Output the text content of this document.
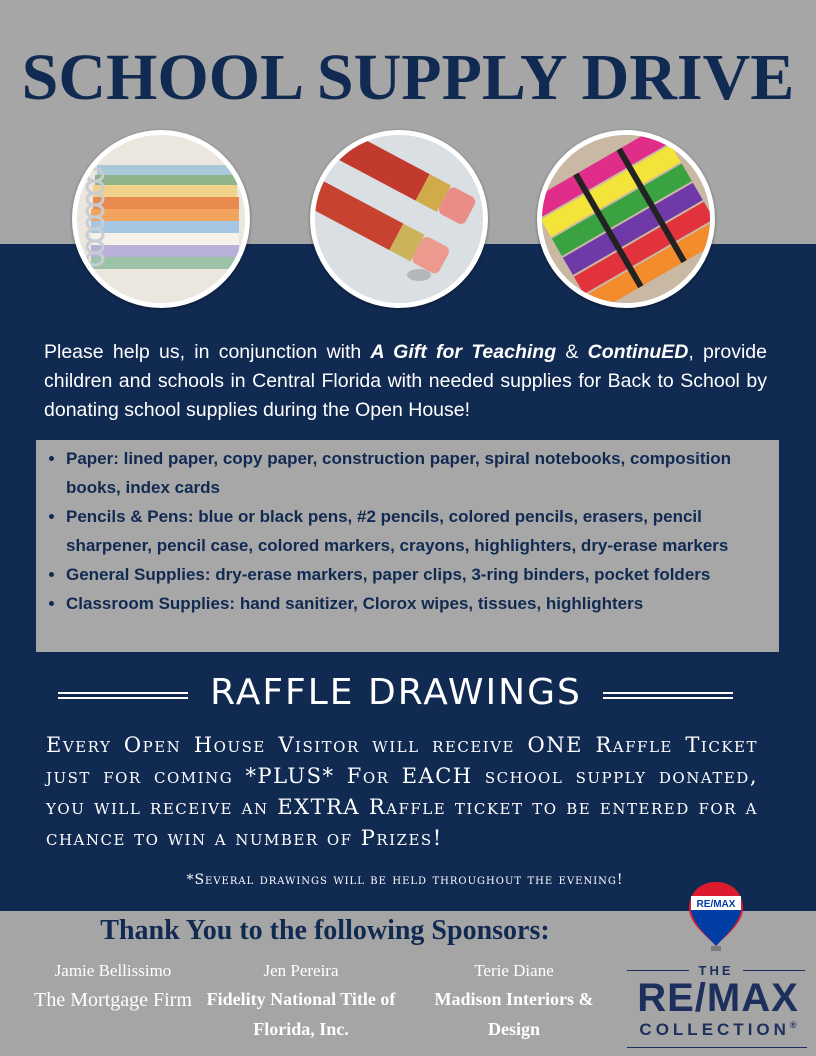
SCHOOL SUPPLY DRIVE

Please help us, in conjunction with A Gift for Teaching & ContinuED, provide children and schools in Central Florida with needed supplies for Back to School by donating school supplies during the Open House!

• Paper: lined paper, copy paper, construction paper, spiral notebooks, composition books, index cards
• Pencils & Pens: blue or black pens, #2 pencils, colored pencils, erasers, pencil sharpener, pencil case, colored markers, crayons, highlighters, dry-erase markers
• General Supplies: dry-erase markers, paper clips, 3-ring binders, pocket folders
• Classroom Supplies: hand sanitizer, Clorox wipes, tissues, highlighters
RAFFLE DRAWINGS

Every Open House Visitor will receive ONE Raffle Ticket just for coming *PLUS* For EACH school supply donated, you will receive an EXTRA Raffle ticket to be entered for a chance to win a number of Prizes!

*Several drawings will be held throughout the evening!

Thank You to the following Sponsors:
Jamie Bellissimo
The Mortgage Firm
Jen Pereira
Fidelity National Title of Florida, Inc.
Terie Diane
Madison Interiors & Design
RE/MAX
THE
RE/MAX
COLLECTION®
